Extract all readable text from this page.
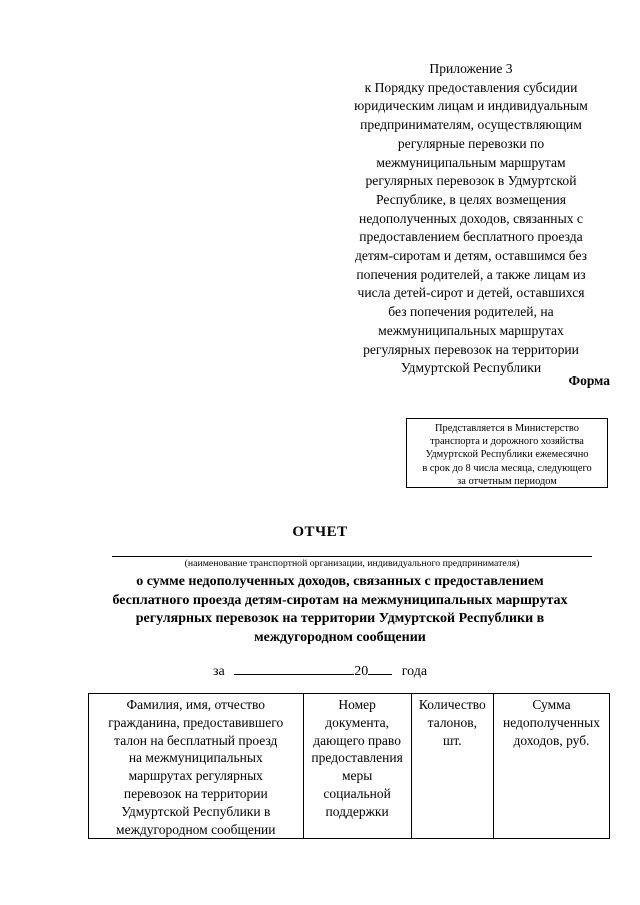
Приложение 3
к Порядку предоставления субсидии
юридическим лицам и индивидуальным
предпринимателям, осуществляющим
регулярные перевозки по
межмуниципальным маршрутам
регулярных перевозок в Удмуртской
Республике, в целях возмещения
недополученных доходов, связанных с
предоставлением бесплатного проезда
детям-сиротам и детям, оставшимся без
попечения родителей, а также лицам из
числа детей-сирот и детей, оставшихся
без попечения родителей, на
межмуниципальных маршрутах
регулярных перевозок на территории
Удмуртской Республики
Форма
Представляется в Министерство
транспорта и дорожного хозяйства
Удмуртской Республики ежемесячно
в срок до 8 числа месяца, следующего
за отчетным периодом
ОТЧЕТ
(наименование транспортной организации, индивидуального предпринимателя)
о сумме недополученных доходов, связанных с предоставлением
бесплатного проезда детям-сиротам на межмуниципальных маршрутах
регулярных перевозок на территории Удмуртской Республики в
междугородном сообщении
за	20 года
Фамилия, имя, отчество
гражданина, предоставившего
талон на бесплатный проезд
на межмуниципальных
маршрутах регулярных
перевозок на территории
Удмуртской Республики в
междугородном сообщении

Номер
документа,
дающего право
предоставления
меры
социальной
поддержки

Количество
талонов,
шт.

Сумма
недополученных
доходов, руб.
